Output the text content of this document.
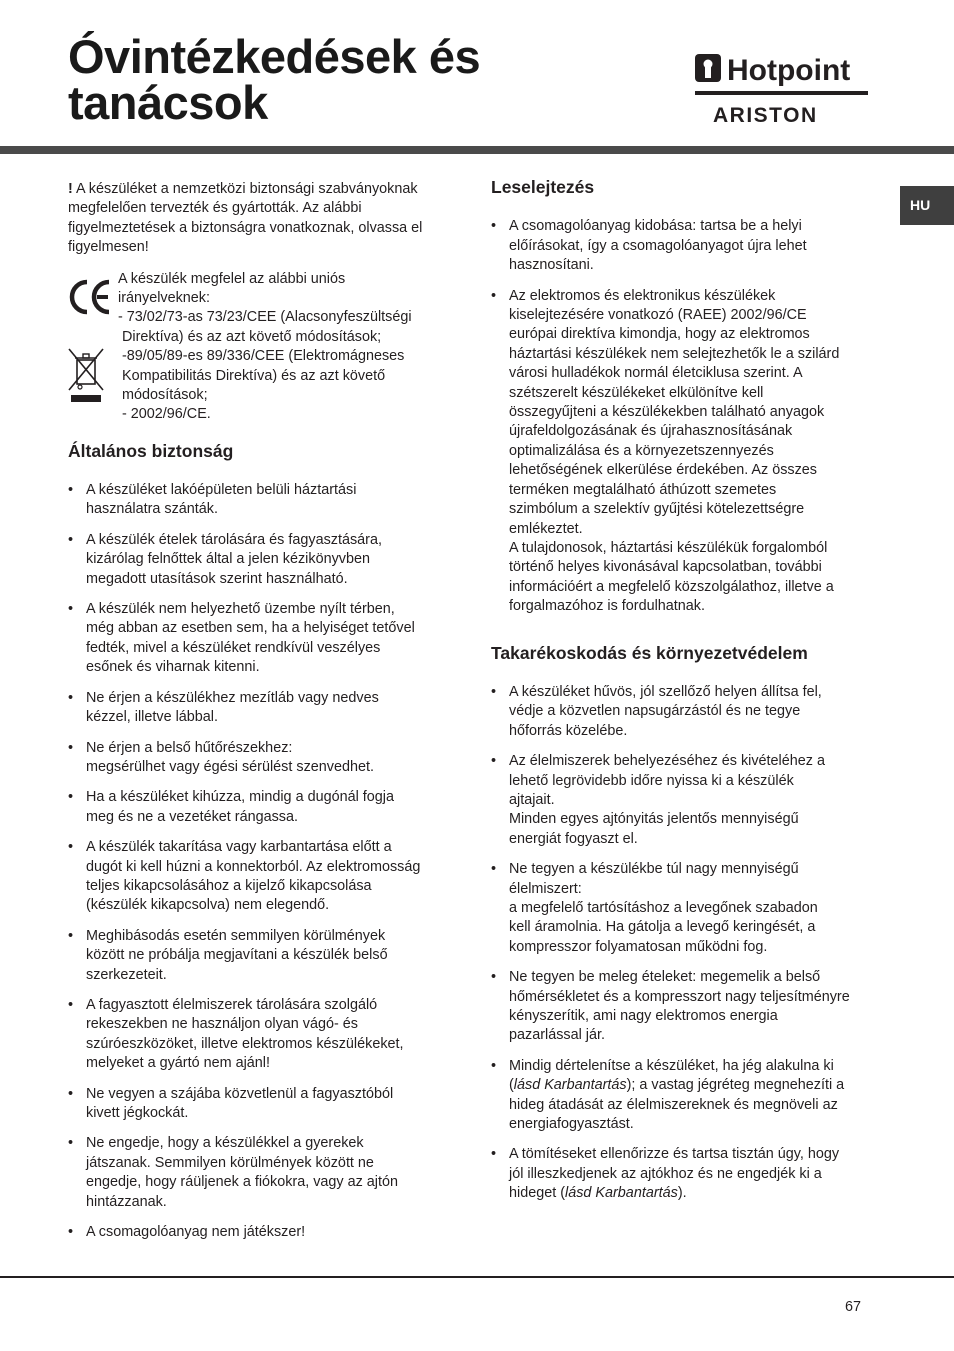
Óvintézkedések és
tanácsok
Hotpoint
ARISTON
HU

! A készüléket a nemzetközi biztonsági szabványoknak megfelelően tervezték és gyártották. Az alábbi figyelmeztetések a biztonságra vonatkoznak, olvassa el figyelmesen!

A készülék megfelel az alábbi uniós
irányelveknek:
- 73/02/73-as 73/23/CEE (Alacsonyfeszültségi
Direktíva) és az azt követő módosítások;
-89/05/89-es 89/336/CEE (Elektromágneses
Kompatibilitás Direktíva) és az azt követő
módosítások;
- 2002/96/CE.
Általános biztonság
• A készüléket lakóépületen belüli háztartási
használatra szánták.
• A készülék ételek tárolására és fagyasztására,
kizárólag felnőttek által a jelen kézikönyvben
megadott utasítások szerint használható.
• A készülék nem helyezhető üzembe nyílt térben,
még abban az esetben sem, ha a helyiséget tetővel
fedték, mivel a készüléket rendkívül veszélyes
esőnek és viharnak kitenni.
• Ne érjen a készülékhez mezítláb vagy nedves
kézzel, illetve lábbal.
• Ne érjen a belső hűtőrészekhez:
megsérülhet vagy égési sérülést szenvedhet.
• Ha a készüléket kihúzza, mindig a dugónál fogja
meg és ne a vezetéket rángassa.
• A készülék takarítása vagy karbantartása előtt a
dugót ki kell húzni a konnektorból. Az elektromosság
teljes kikapcsolásához a kijelző kikapcsolása
(készülék kikapcsolva) nem elegendő.
• Meghibásodás esetén semmilyen körülmények
között ne próbálja megjavítani a készülék belső
szerkezeteit.
• A fagyasztott élelmiszerek tárolására szolgáló
rekeszekben ne használjon olyan vágó- és
szúróeszközöket, illetve elektromos készülékeket,
melyeket a gyártó nem ajánl!
• Ne vegyen a szájába közvetlenül a fagyasztóból
kivett jégkockát.
• Ne engedje, hogy a készülékkel a gyerekek
játszanak. Semmilyen körülmények között ne
engedje, hogy ráüljenek a fiókokra, vagy az ajtón
hintázzanak.
• A csomagolóanyag nem játékszer!
Leselejtezés
• A csomagolóanyag kidobása: tartsa be a helyi
előírásokat, így a csomagolóanyagot újra lehet
hasznosítani.
• Az elektromos és elektronikus készülékek
kiselejtezésére vonatkozó (RAEE) 2002/96/CE
európai direktíva kimondja, hogy az elektromos
háztartási készülékek nem selejtezhetők le a szilárd
városi hulladékok normál életciklusa szerint. A
szétszerelt készülékeket elkülönítve kell
összegyűjteni a készülékekben található anyagok
újrafeldolgozásának és újrahasznosításának
optimalizálása és a környezetszennyezés
lehetőségének elkerülése érdekében. Az összes
terméken megtalálható áthúzott szemetes
szimbólum a szelektív gyűjtési kötelezettségre
emlékeztet.
A tulajdonosok, háztartási készülékük forgalomból
történő helyes kivonásával kapcsolatban, további
információért a megfelelő közszolgálathoz, illetve a
forgalmazóhoz is fordulhatnak.
Takarékoskodás és környezetvédelem
• A készüléket hűvös, jól szellőző helyen állítsa fel,
védje a közvetlen napsugárzástól és ne tegye
hőforrás közelébe.
• Az élelmiszerek behelyezéséhez és kivételéhez a
lehető legrövidebb időre nyissa ki a készülék
ajtajait.
Minden egyes ajtónyitás jelentős mennyiségű
energiát fogyaszt el.
• Ne tegyen a készülékbe túl nagy mennyiségű
élelmiszert:
a megfelelő tartósításhoz a levegőnek szabadon
kell áramolnia. Ha gátolja a levegő keringését, a
kompresszor folyamatosan működni fog.
• Ne tegyen be meleg ételeket: megemelik a belső
hőmérsékletet és a kompresszort nagy teljesítményre
kényszerítik, ami nagy elektromos energia
pazarlással jár.
• Mindig dértelenítse a készüléket, ha jég alakulna ki
(lásd Karbantartás); a vastag jégréteg megnehezíti a
hideg átadását az élelmiszereknek és megnöveli az
energiafogyasztást.
• A tömítéseket ellenőrizze és tartsa tisztán úgy, hogy
jól illeszkedjenek az ajtókhoz és ne engedjék ki a
hideget (lásd Karbantartás).
67
